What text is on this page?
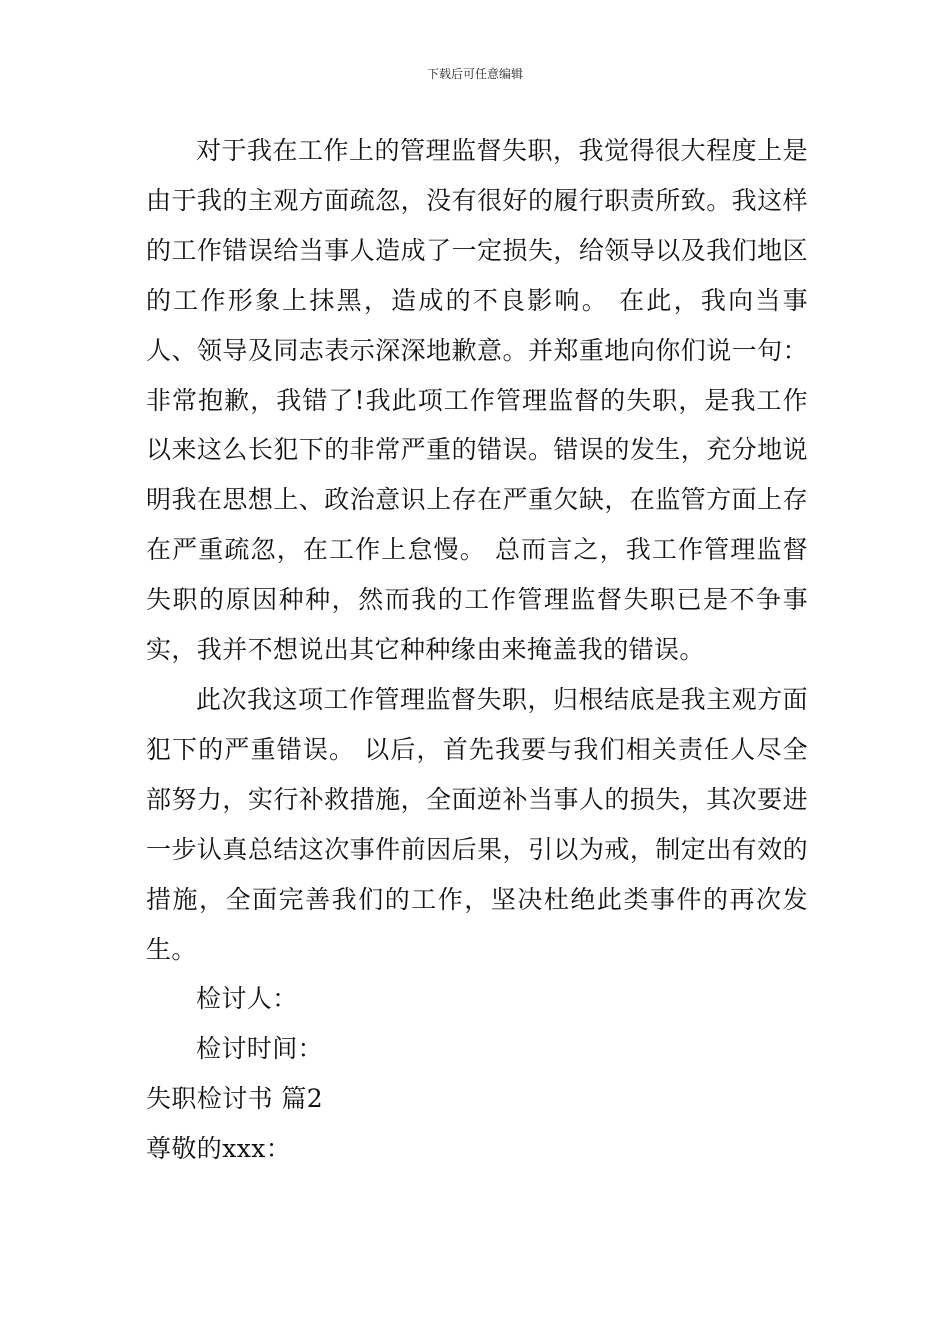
下载后可任意编辑

对于我在工作上的管理监督失职，我觉得很大程度上是由于我的主观方面疏忽，没有很好的履行职责所致。我这样的工作错误给当事人造成了一定损失，给领导以及我们地区的工作形象上抹黑，造成的不良影响。 在此，我向当事人、领导及同志表示深深地歉意。并郑重地向你们说一句：非常抱歉，我错了!我此项工作管理监督的失职，是我工作以来这么长犯下的非常严重的错误。错误的发生，充分地说明我在思想上、政治意识上存在严重欠缺，在监管方面上存在严重疏忽，在工作上怠慢。 总而言之，我工作管理监督失职的原因种种，然而我的工作管理监督失职已是不争事实，我并不想说出其它种种缘由来掩盖我的错误。

此次我这项工作管理监督失职，归根结底是我主观方面犯下的严重错误。 以后，首先我要与我们相关责任人尽全部努力，实行补救措施，全面逆补当事人的损失，其次要进一步认真总结这次事件前因后果，引以为戒，制定出有效的措施，全面完善我们的工作，坚决杜绝此类事件的再次发生。

检讨人：

检讨时间：

失职检讨书 篇2

尊敬的xxx：
